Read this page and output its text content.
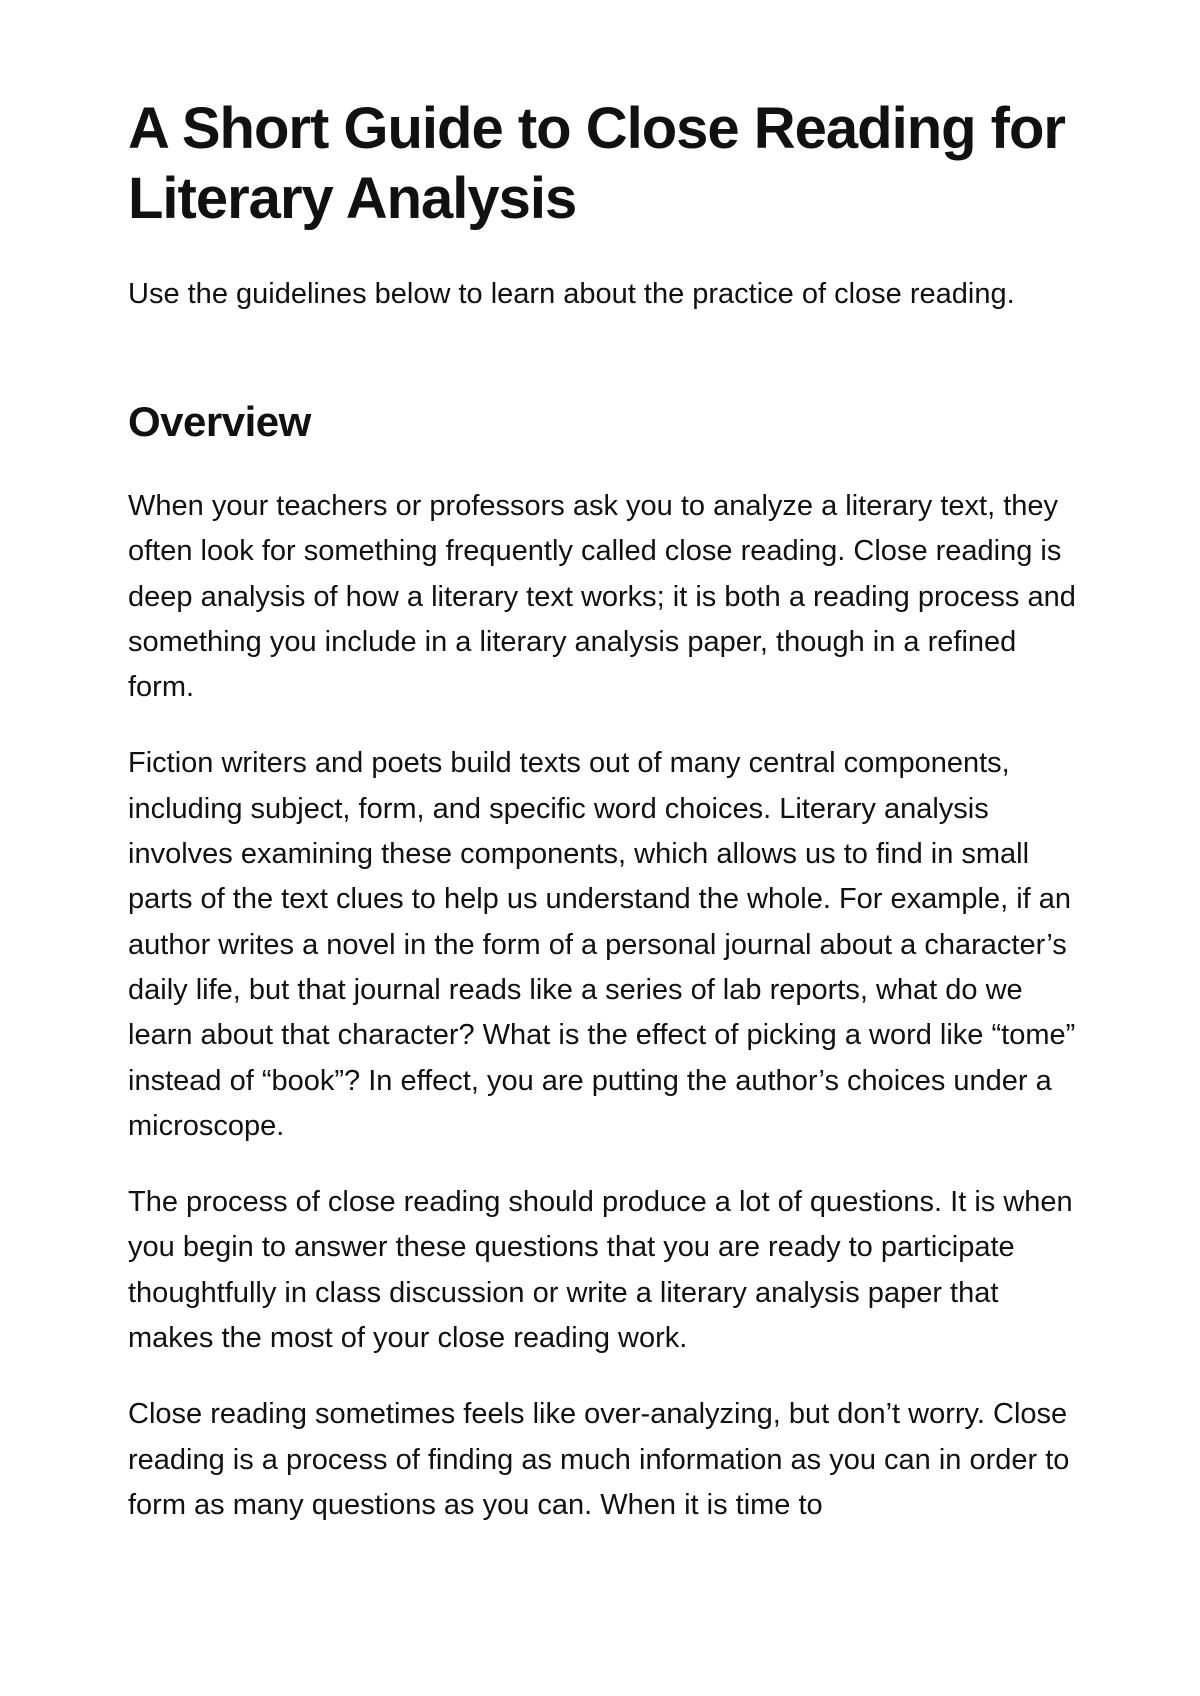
A Short Guide to Close Reading for Literary Analysis

Use the guidelines below to learn about the practice of close reading.

Overview

When your teachers or professors ask you to analyze a literary text, they often look for something frequently called close reading. Close reading is deep analysis of how a literary text works; it is both a reading process and something you include in a literary analysis paper, though in a refined form.

Fiction writers and poets build texts out of many central components, including subject, form, and specific word choices. Literary analysis involves examining these components, which allows us to find in small parts of the text clues to help us understand the whole. For example, if an author writes a novel in the form of a personal journal about a character’s daily life, but that journal reads like a series of lab reports, what do we learn about that character? What is the effect of picking a word like “tome” instead of “book”? In effect, you are putting the author’s choices under a microscope.

The process of close reading should produce a lot of questions. It is when you begin to answer these questions that you are ready to participate thoughtfully in class discussion or write a literary analysis paper that makes the most of your close reading work.

Close reading sometimes feels like over-analyzing, but don’t worry. Close reading is a process of finding as much information as you can in order to form as many questions as you can. When it is time to
